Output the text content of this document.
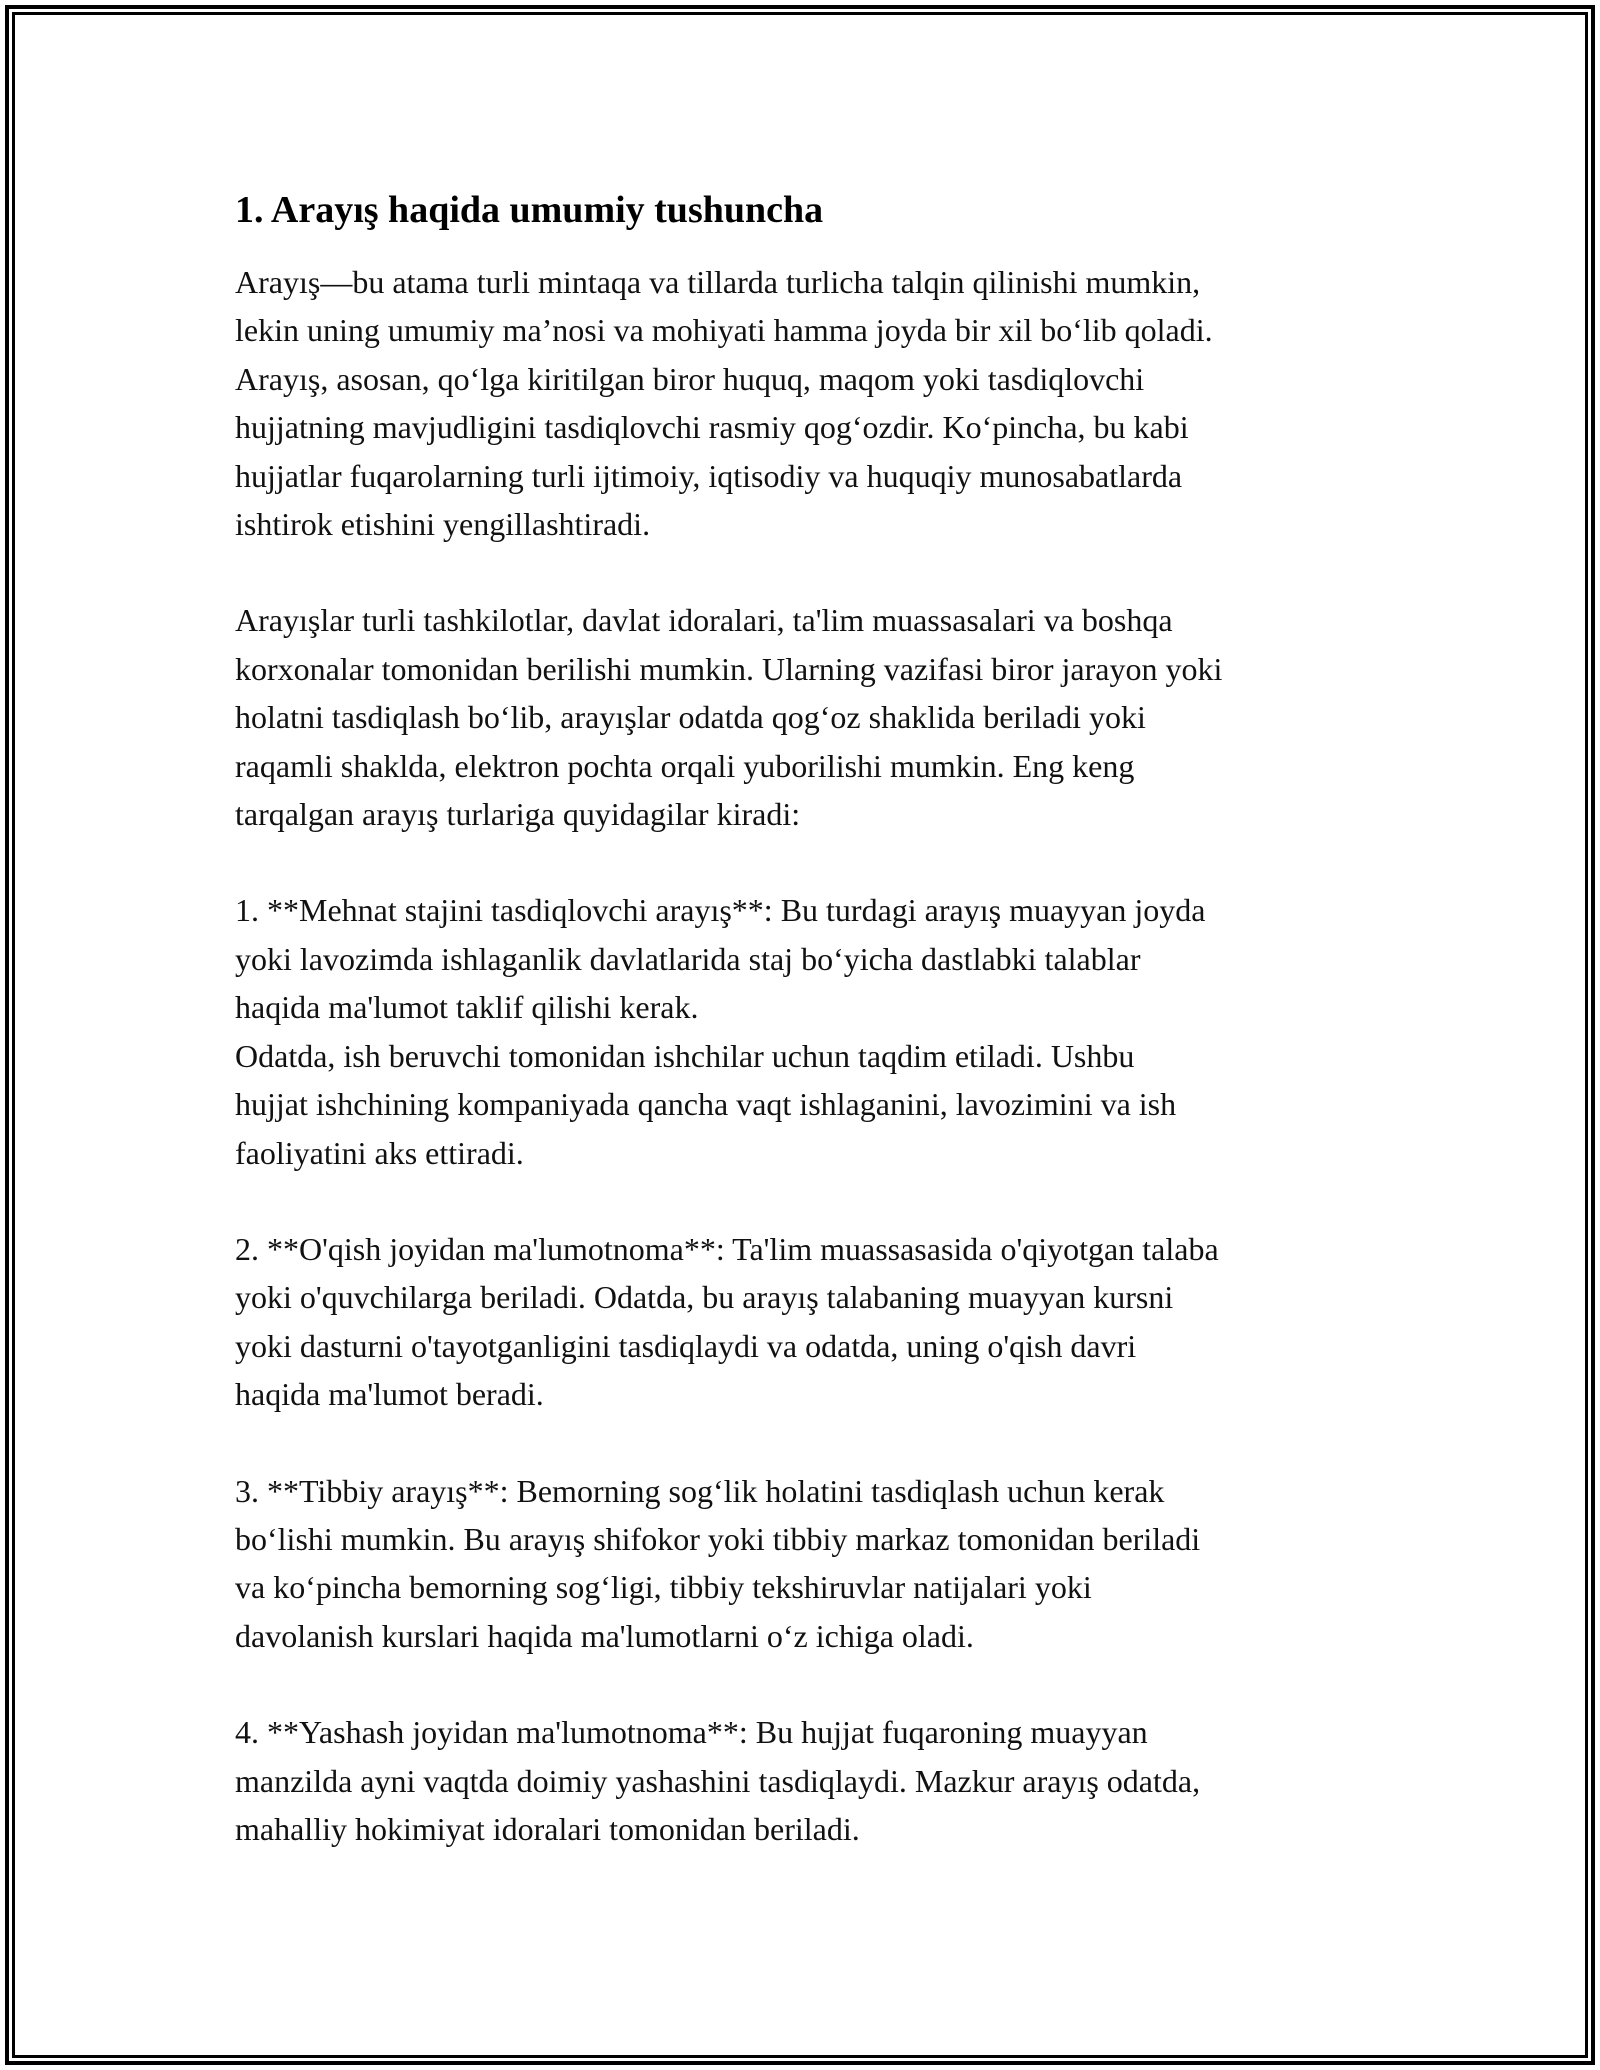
1. Arayış haqida umumiy tushuncha

Arayış—bu atama turli mintaqa va tillarda turlicha talqin qilinishi mumkin,
lekin uning umumiy ma’nosi va mohiyati hamma joyda bir xil bo‘lib qoladi.
Arayış, asosan, qo‘lga kiritilgan biror huquq, maqom yoki tasdiqlovchi
hujjatning mavjudligini tasdiqlovchi rasmiy qog‘ozdir. Ko‘pincha, bu kabi
hujjatlar fuqarolarning turli ijtimoiy, iqtisodiy va huquqiy munosabatlarda
ishtirok etishini yengillashtiradi.

Arayışlar turli tashkilotlar, davlat idoralari, ta'lim muassasalari va boshqa
korxonalar tomonidan berilishi mumkin. Ularning vazifasi biror jarayon yoki
holatni tasdiqlash bo‘lib, arayışlar odatda qog‘oz shaklida beriladi yoki
raqamli shakldа, elektron pochta orqali yuborilishi mumkin. Eng keng
tarqalgan arayış turlariga quyidagilar kiradi:

1. **Mehnat stajini tasdiqlovchi arayış**: Bu turdagi arayış muayyan joyda
yoki lavozimda ishlaganlik davlatlarida staj bo‘yicha dastlabki talablar
haqida ma'lumot taklif qilishi kerak.
Odatda, ish beruvchi tomonidan ishchilar uchun taqdim etiladi. Ushbu
hujjat ishchining kompaniyada qancha vaqt ishlaganini, lavozimini va ish
faoliyatini aks ettiradi.

2. **O'qish joyidan ma'lumotnoma**: Ta'lim muassasasida o'qiyotgan talaba
yoki o'quvchilarga beriladi. Odatda, bu arayış talabaning muayyan kursni
yoki dasturni o'tayotganligini tasdiqlaydi va odatda, uning o'qish davri
haqida ma'lumot beradi.

3. **Tibbiy arayış**: Bemorning sog‘lik holatini tasdiqlash uchun kerak
bo‘lishi mumkin. Bu arayış shifokor yoki tibbiy markaz tomonidan beriladi
va ko‘pincha bemorning sog‘ligi, tibbiy tekshiruvlar natijalari yoki
davolanish kurslari haqida ma'lumotlarni o‘z ichiga oladi.

4. **Yashash joyidan ma'lumotnoma**: Bu hujjat fuqaroning muayyan
manzilda ayni vaqtda doimiy yashashini tasdiqlaydi. Mazkur arayış odatda,
mahalliy hokimiyat idoralari tomonidan beriladi.
